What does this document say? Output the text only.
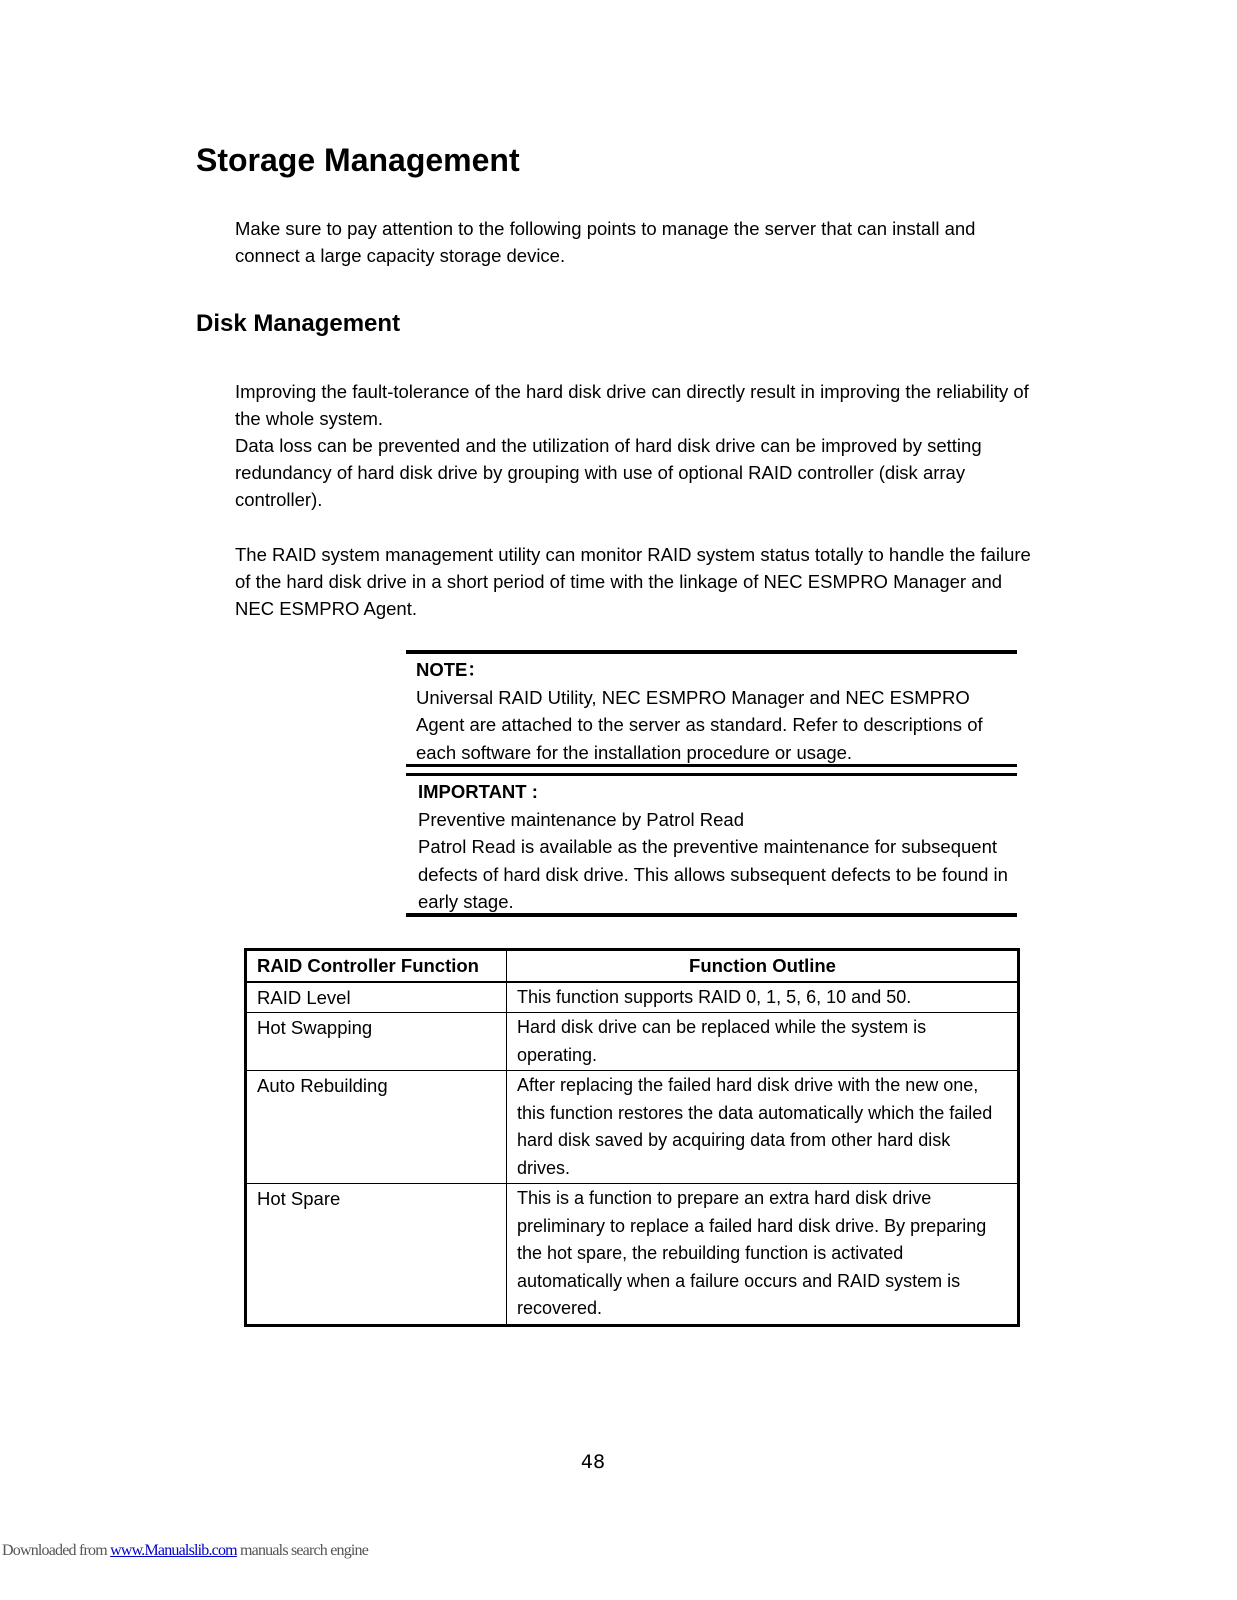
Storage Management

Make sure to pay attention to the following points to manage the server that can install and connect a large capacity storage device.

Disk Management

Improving the fault-tolerance of the hard disk drive can directly result in improving the reliability of the whole system.

Data loss can be prevented and the utilization of hard disk drive can be improved by setting redundancy of hard disk drive by grouping with use of optional RAID controller (disk array controller).

The RAID system management utility can monitor RAID system status totally to handle the failure of the hard disk drive in a short period of time with the linkage of NEC ESMPRO Manager and NEC ESMPRO Agent.

NOTE：
Universal RAID Utility, NEC ESMPRO Manager and NEC ESMPRO Agent are attached to the server as standard. Refer to descriptions of each software for the installation procedure or usage.
IMPORTANT :
Preventive maintenance by Patrol Read
Patrol Read is available as the preventive maintenance for subsequent defects of hard disk drive. This allows subsequent defects to be found in early stage.
RAID Controller Function	Function Outline
RAID Level	This function supports RAID 0, 1, 5, 6, 10 and 50.
Hot Swapping	Hard disk drive can be replaced while the system is operating.
Auto Rebuilding	After replacing the failed hard disk drive with the new one, this function restores the data automatically which the failed hard disk saved by acquiring data from other hard disk drives.
Hot Spare	This is a function to prepare an extra hard disk drive preliminary to replace a failed hard disk drive. By preparing the hot spare, the rebuilding function is activated automatically when a failure occurs and RAID system is recovered.
48
Downloaded from www.Manualslib.com manuals search engine
